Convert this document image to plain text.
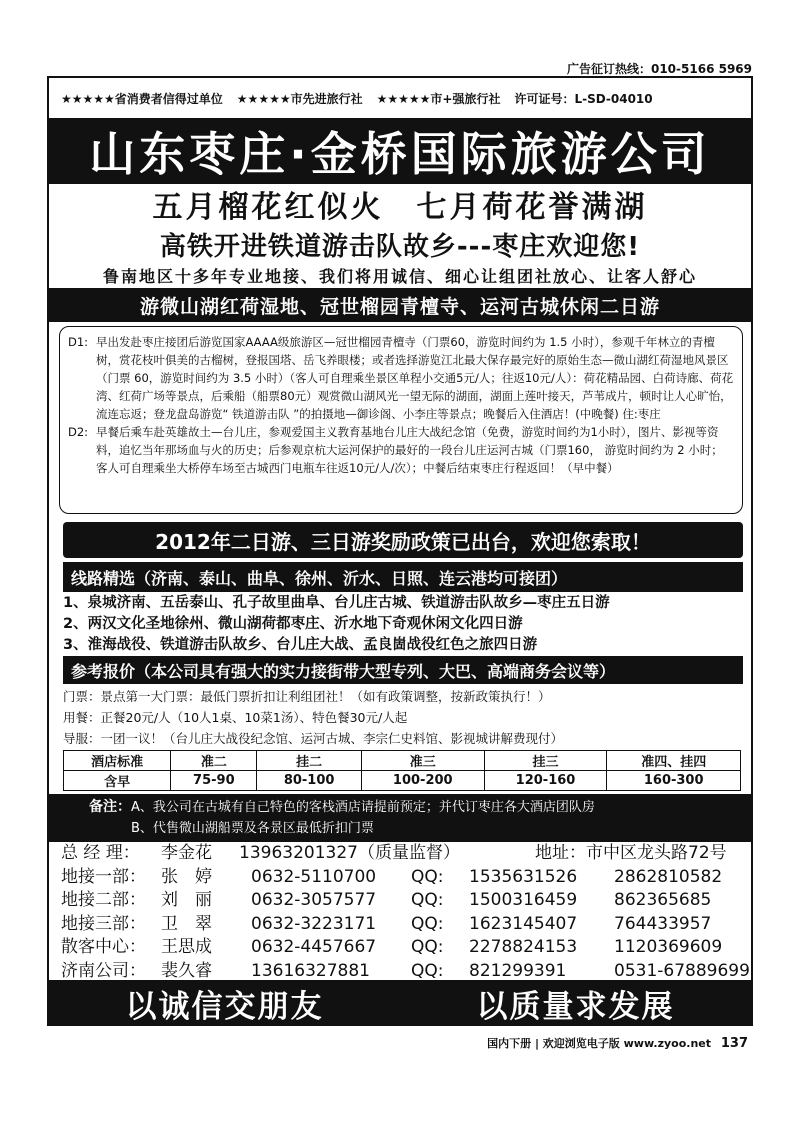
广告征订热线：010-5166 5969
★★★★★省消费者信得过单位 ★★★★★市先进旅行社 ★★★★★市+强旅行社 许可证号：L-SD-04010
山东枣庄·金桥国际旅游公司
五月榴花红似火　七月荷花誉满湖
高铁开进铁道游击队故乡---枣庄欢迎您!
鲁南地区十多年专业地接、我们将用诚信、细心让组团社放心、让客人舒心
游微山湖红荷湿地、冠世榴园青檀寺、运河古城休闲二日游
D1: 早出发赴枣庄接团后游览国家AAAA级旅游区—冠世榴园青檀寺（门票60，游览时间约为 1.5 小时），参观千年林立的青檀树，赏花枝叶俱美的古榴树，登报国塔、岳飞养眼楼；或者选择游览江北最大保存最完好的原始生态—微山湖红荷湿地风景区（门票 60，游览时间约为 3.5 小时）（客人可自理乘坐景区单程小交通5元/人；往返10元/人）：荷花精品园、白荷诗廊、荷花湾、红荷广场等景点，后乘船（船票80元）观赏微山湖风光一望无际的湖面，湖面上莲叶接天，芦苇成片，顿时让人心旷怡，流连忘返；登龙盘岛游览“ 铁道游击队 ”的拍摄地—御诊阁、小李庄等景点；晚餐后入住酒店！(中晚餐) 住:枣庄
D2: 早餐后乘车赴英雄故土—台儿庄，参观爱国主义教育基地台儿庄大战纪念馆（免费，游览时间约为1小时），图片、影视等资料，追忆当年那场血与火的历史；后参观京杭大运河保护的最好的一段台儿庄运河古城（门票160， 游览时间约为 2 小时；客人可自理乘坐大桥停车场至古城西门电瓶车往返10元/人/次）；中餐后结束枣庄行程返回！（早中餐）
2012年二日游、三日游奖励政策已出台，欢迎您索取！
线路精选（济南、泰山、曲阜、徐州、沂水、日照、连云港均可接团）
1、泉城济南、五岳泰山、孔子故里曲阜、台儿庄古城、铁道游击队故乡—枣庄五日游
2、两汉文化圣地徐州、微山湖荷都枣庄、沂水地下奇观休闲文化四日游
3、淮海战役、铁道游击队故乡、台儿庄大战、孟良崮战役红色之旅四日游
参考报价（本公司具有强大的实力接街带大型专列、大巴、高端商务会议等）
门票：景点第一大门票：最低门票折扣让利组团社！（如有政策调整，按新政策执行！）
用餐：正餐20元/人（10人1桌、10菜1汤）、特色餐30元/人起
导服：一团一议！（台儿庄大战役纪念馆、运河古城、李宗仁史料馆、影视城讲解费现付）
酒店标准	准二	挂二	准三	挂三	准四、挂四
含早	75-90	80-100	100-200	120-160	160-300
备注：A、我公司在古城有自己特色的客栈酒店请提前预定；并代订枣庄各大酒店团队房
B、代售微山湖船票及各景区最低折扣门票
总 经 理：	李金花	13963201327（质量监督）	地址：市中区龙头路72号
地接一部： 张　婷	0632-5110700	QQ:	1535631526	2862810582
地接二部： 刘　丽	0632-3057577	QQ:	1500316459	862365685
地接三部： 卫　翠	0632-3223171	QQ:	1623145407	764433957
散客中心： 王思成	0632-4457667	QQ:	2278824153	1120369609
济南公司： 裴久睿	13616327881	QQ:	821299391	0531-67889699
以诚信交朋友	以质量求发展
国内下册 | 欢迎浏览电子版 www.zyoo.net 137
